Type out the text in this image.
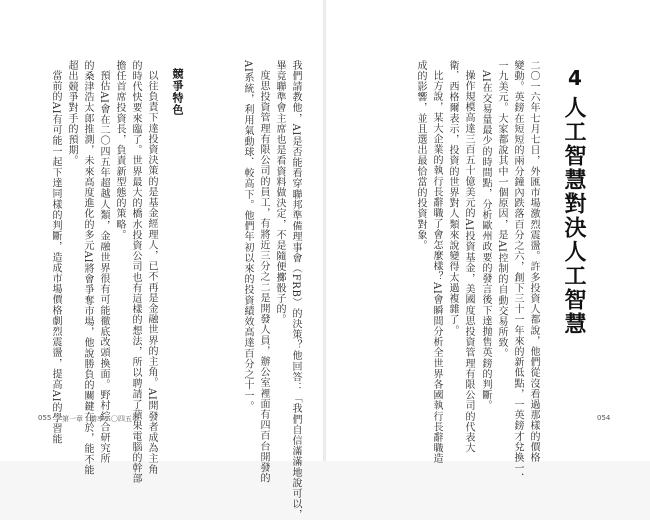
4
人工智慧對決人工智慧
二〇一六年七月七日，外匯市場激烈震盪。許多投資人都說，他們從沒看過那樣的價格
變動。英鎊在短短的兩分鐘內跌落百分之六，創下三十一年來的新低點，一英鎊才兌換一．
一九美元。大家都說其中一個原因，是AI控制的自動交易所致。
AI在交易量最少的時間點，分析歐州政要的發言後下達抛售英鎊的判斷。
操作規模高達三百五十億美元的AI投資基金，美國度思投資管理有限公司的代表大
衛．西格爾表示，投資的世界對人類來說變得太過複雜了。
比方說，某大企業的執行長辭職了會怎麼樣？AI會瞬間分析全世界各國執行長辭職造
成的影響，並且選出最恰當的投資對象。
我們請教他，AI是否能看穿聯邦準備理事會（FRB）的決策？他回答：「我們自信滿滿地說可以，
畢竟聯準會主席也是看資料做決定，不是隨便擲骰子的。
度思投資管理有限公司的員工，有將近三分之二是開發人員，辦公室裡面有四百台開發的
AI系統，利用氣動球．較高下。他們年初以來的投資績效高達百分之十一。
競爭特色
以往負責下達投資決策的是基金經理人，已不再是金融世界的主角。AI開發者成為主角
的時代快要來臨了。世界最大的橋水投資公司也有這樣的想法，所以聘請了蘋果電腦的幹部
擔任首席投資長，負責新型態的策略。
預估AI會在二〇四五年超越人類，金融世界很有可能徹底改頭換面。野村綜合研究所
的桑津浩太郎推測，未來高度進化的多元AI將會爭奪市場，他說勝負的關鍵在於，能不能
超出競爭對手的預期。
當前的AI有可能一起下達同樣的判斷，造成市場價格劇烈震盪，提高AI的學習能
055 第一章　勝率二〇四五年	054
